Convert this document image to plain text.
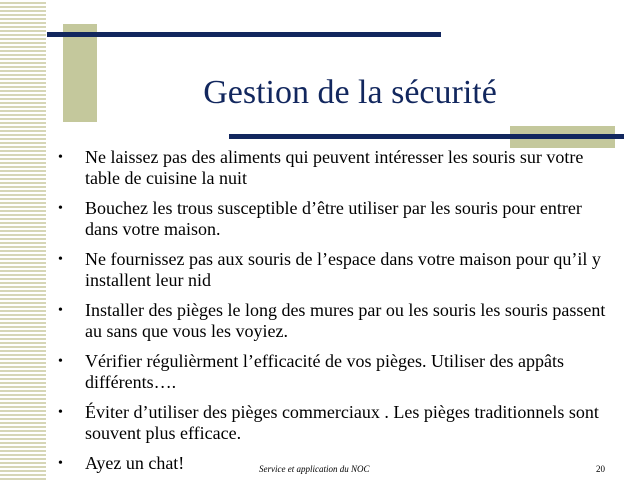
Gestion de la sécurité
• Ne laissez pas des aliments qui peuvent intéresser les souris sur votre table de cuisine la nuit
• Bouchez les trous susceptible d’être utiliser par les souris pour entrer dans votre maison.
• Ne fournissez pas aux souris de l’espace dans votre maison pour qu’il y installent leur nid
• Installer des pièges le long des mures par ou les souris les souris passent au sans que vous les voyiez.
• Vérifier régulièrment l’efficacité de vos pièges. Utiliser des appâts différents….
• Éviter d’utiliser des pièges commerciaux . Les pièges traditionnels sont souvent plus efficace.
• Ayez un chat!	Service et application du NOC	20
